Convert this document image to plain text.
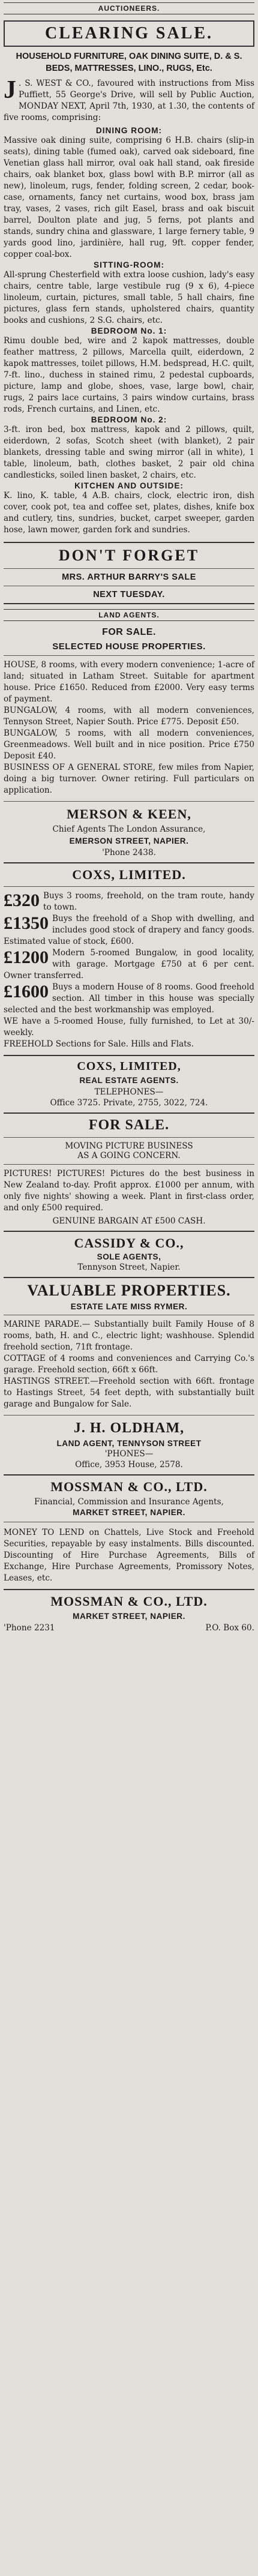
AUCTIONEERS.
CLEARING SALE.
HOUSEHOLD FURNITURE, OAK DINING SUITE, D. & S. BEDS, MATTRESSES, LINO., RUGS, Etc.

J . S. WEST & CO., favoured with instructions from Miss Puffiett, 55 George's Drive, will sell by Public Auction, MONDAY NEXT, April 7th, 1930, at 1.30, the contents of five rooms, comprising:

DINING ROOM:

Massive oak dining suite, comprising 6 H.B. chairs (slip-in seats), dining table (fumed oak), carved oak sideboard, fine Venetian glass hall mirror, oval oak hall stand, oak fireside chairs, oak blanket box, glass bowl with B.P. mirror (all as new), linoleum, rugs, fender, folding screen, 2 cedar, book-case, ornaments, fancy net curtains, wood box, brass jam tray, vases, 2 vases, rich gilt Easel, brass and oak biscuit barrel, Doulton plate and jug, 5 ferns, pot plants and stands, sundry china and glassware, 1 large fernery table, 9 yards good lino, jardinière, hall rug, 9ft. copper fender, copper coal-box.

SITTING-ROOM:

All-sprung Chesterfield with extra loose cushion, lady's easy chairs, centre table, large vestibule rug (9 x 6), 4-piece linoleum, curtain, pictures, small table, 5 hall chairs, fine pictures, glass fern stands, upholstered chairs, quantity books and cushions, 2 S.G. chairs, etc.

BEDROOM No. 1:

Rimu double bed, wire and 2 kapok mattresses, double feather mattress, 2 pillows, Marcella quilt, eiderdown, 2 kapok mattresses, toilet pillows, H.M. bedspread, H.C. quilt, 7-ft. lino., duchess in stained rimu, 2 pedestal cupboards, picture, lamp and globe, shoes, vase, large bowl, chair, rugs, 2 pairs lace curtains, 3 pairs window curtains, brass rods, French curtains, and Linen, etc.

BEDROOM No. 2:

3-ft. iron bed, box mattress, kapok and 2 pillows, quilt, eiderdown, 2 sofas, Scotch sheet (with blanket), 2 pair blankets, dressing table and swing mirror (all in white), 1 table, linoleum, bath, clothes basket, 2 pair old china candlesticks, soiled linen basket, 2 chairs, etc.

KITCHEN AND OUTSIDE:

K. lino, K. table, 4 A.B. chairs, clock, electric iron, dish cover, cook pot, tea and coffee set, plates, dishes, knife box and cutlery, tins, sundries, bucket, carpet sweeper, garden hose, lawn mower, garden fork and sundries.

DON'T FORGET
MRS. ARTHUR BARRY'S SALE
NEXT TUESDAY.
LAND AGENTS.
FOR SALE.
SELECTED HOUSE PROPERTIES.

HOUSE, 8 rooms, with every modern convenience; 1-acre of land; situated in Latham Street. Suitable for apartment house. Price £1650. Reduced from £2000. Very easy terms of payment.

BUNGALOW, 4 rooms, with all modern conveniences, Tennyson Street, Napier South. Price £775. Deposit £50.

BUNGALOW, 5 rooms, with all modern conveniences, Greenmeadows. Well built and in nice position. Price £750 Deposit £40.

BUSINESS OF A GENERAL STORE, few miles from Napier, doing a big turnover. Owner retiring. Full particulars on application.

MERSON & KEEN,
Chief Agents The London Assurance,
EMERSON STREET, NAPIER.
'Phone 2438.
COXS, LIMITED.

£320 Buys 3 rooms, freehold, on the tram route, handy to town.

£1350 Buys the freehold of a Shop with dwelling, and includes good stock of drapery and fancy goods. Estimated value of stock, £600.

£1200 Modern 5-roomed Bungalow, in good locality, with garage. Mortgage £750 at 6 per cent. Owner transferred.

£1600 Buys a modern House of 8 rooms. Good freehold section. All timber in this house was specially selected and the best workmanship was employed.

WE have a 5-roomed House, fully furnished, to Let at 30/- weekly.

FREEHOLD Sections for Sale. Hills and Flats.

COXS, LIMITED,
REAL ESTATE AGENTS.
TELEPHONES—
Office 3725. Private, 2755, 3022, 724.
FOR SALE.
MOVING PICTURE BUSINESS
AS A GOING CONCERN.

PICTURES! PICTURES! Pictures do the best business in New Zealand to-day. Profit approx. £1000 per annum, with only five nights' showing a week. Plant in first-class order, and only £500 required.

GENUINE BARGAIN AT £500 CASH.
CASSIDY & CO.,
SOLE AGENTS,
Tennyson Street, Napier.
VALUABLE PROPERTIES.
ESTATE LATE MISS RYMER.

MARINE PARADE.— Substantially built Family House of 8 rooms, bath, H. and C., electric light; washhouse. Splendid freehold section, 71ft frontage.

COTTAGE of 4 rooms and conveniences and Carrying Co.'s garage. Freehold section, 66ft x 66ft.

HASTINGS STREET.—Freehold section with 66ft. frontage to Hastings Street, 54 feet depth, with substantially built garage and Bungalow for Sale.

J. H. OLDHAM,
LAND AGENT, TENNYSON STREET
'PHONES—
Office, 3953 House, 2578.
MOSSMAN & CO., LTD.
Financial, Commission and Insurance Agents,
MARKET STREET, NAPIER.

MONEY TO LEND on Chattels, Live Stock and Freehold Securities, repayable by easy instalments. Bills discounted. Discounting of Hire Purchase Agreements, Bills of Exchange, Hire Purchase Agreements, Promissory Notes, Leases, etc.

MOSSMAN & CO., LTD.
MARKET STREET, NAPIER.
'Phone 2231	P.O. Box 60.
